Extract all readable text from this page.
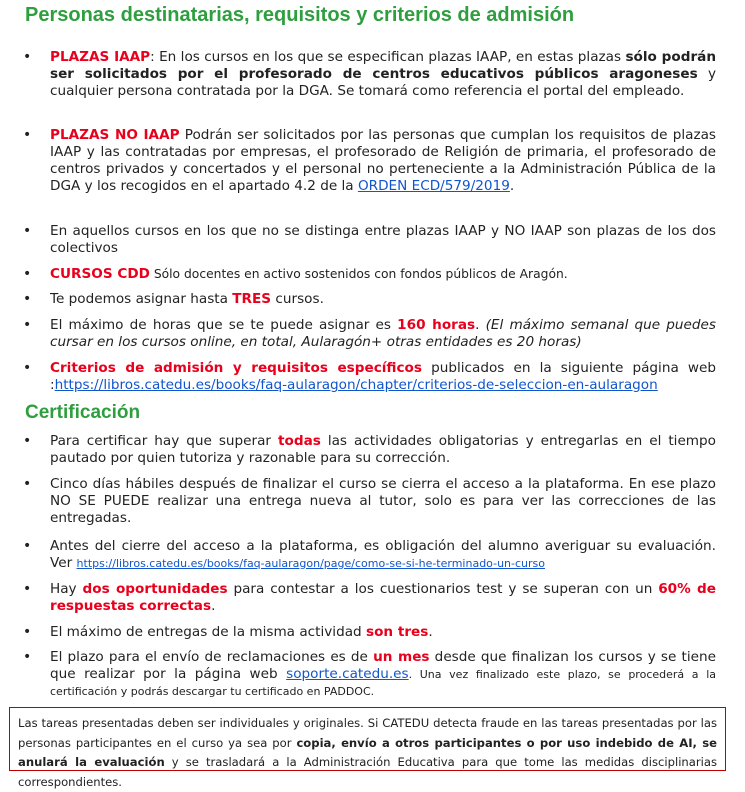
Personas destinatarias, requisitos y criterios de admisión
• PLAZAS IAAP: En los cursos en los que se especifican plazas IAAP, en estas plazas sólo podrán ser solicitados por el profesorado de centros educativos públicos aragoneses y cualquier persona contratada por la DGA. Se tomará como referencia el portal del empleado.
• PLAZAS NO IAAP Podrán ser solicitados por las personas que cumplan los requisitos de plazas IAAP y las contratadas por empresas, el profesorado de Religión de primaria, el profesorado de centros privados y concertados y el personal no perteneciente a la Administración Pública de la DGA y los recogidos en el apartado 4.2 de la ORDEN ECD/579/2019.
• En aquellos cursos en los que no se distinga entre plazas IAAP y NO IAAP son plazas de los dos colectivos
• CURSOS CDD Sólo docentes en activo sostenidos con fondos públicos de Aragón.
• Te podemos asignar hasta TRES cursos.
• El máximo de horas que se te puede asignar es 160 horas. (El máximo semanal que puedes cursar en los cursos online, en total, Aularagón+ otras entidades es 20 horas)
• Criterios de admisión y requisitos específicos publicados en la siguiente página web :https://libros.catedu.es/books/faq-aularagon/chapter/criterios-de-seleccion-en-aularagon
Certificación
• Para certificar hay que superar todas las actividades obligatorias y entregarlas en el tiempo pautado por quien tutoriza y razonable para su corrección.
• Cinco días hábiles después de finalizar el curso se cierra el acceso a la plataforma. En ese plazo NO SE PUEDE realizar una entrega nueva al tutor, solo es para ver las correcciones de las entregadas.
• Antes del cierre del acceso a la plataforma, es obligación del alumno averiguar su evaluación. Ver https://libros.catedu.es/books/faq-aularagon/page/como-se-si-he-terminado-un-curso
• Hay dos oportunidades para contestar a los cuestionarios test y se superan con un 60% de respuestas correctas.
• El máximo de entregas de la misma actividad son tres.
• El plazo para el envío de reclamaciones es de un mes desde que finalizan los cursos y se tiene que realizar por la página web soporte.catedu.es. Una vez finalizado este plazo, se procederá a la certificación y podrás descargar tu certificado en PADDOC.
Las tareas presentadas deben ser individuales y originales. Si CATEDU detecta fraude en las tareas presentadas por las personas participantes en el curso ya sea por copia, envío a otros participantes o por uso indebido de AI, se anulará la evaluación y se trasladará a la Administración Educativa para que tome las medidas disciplinarias correspondientes.
